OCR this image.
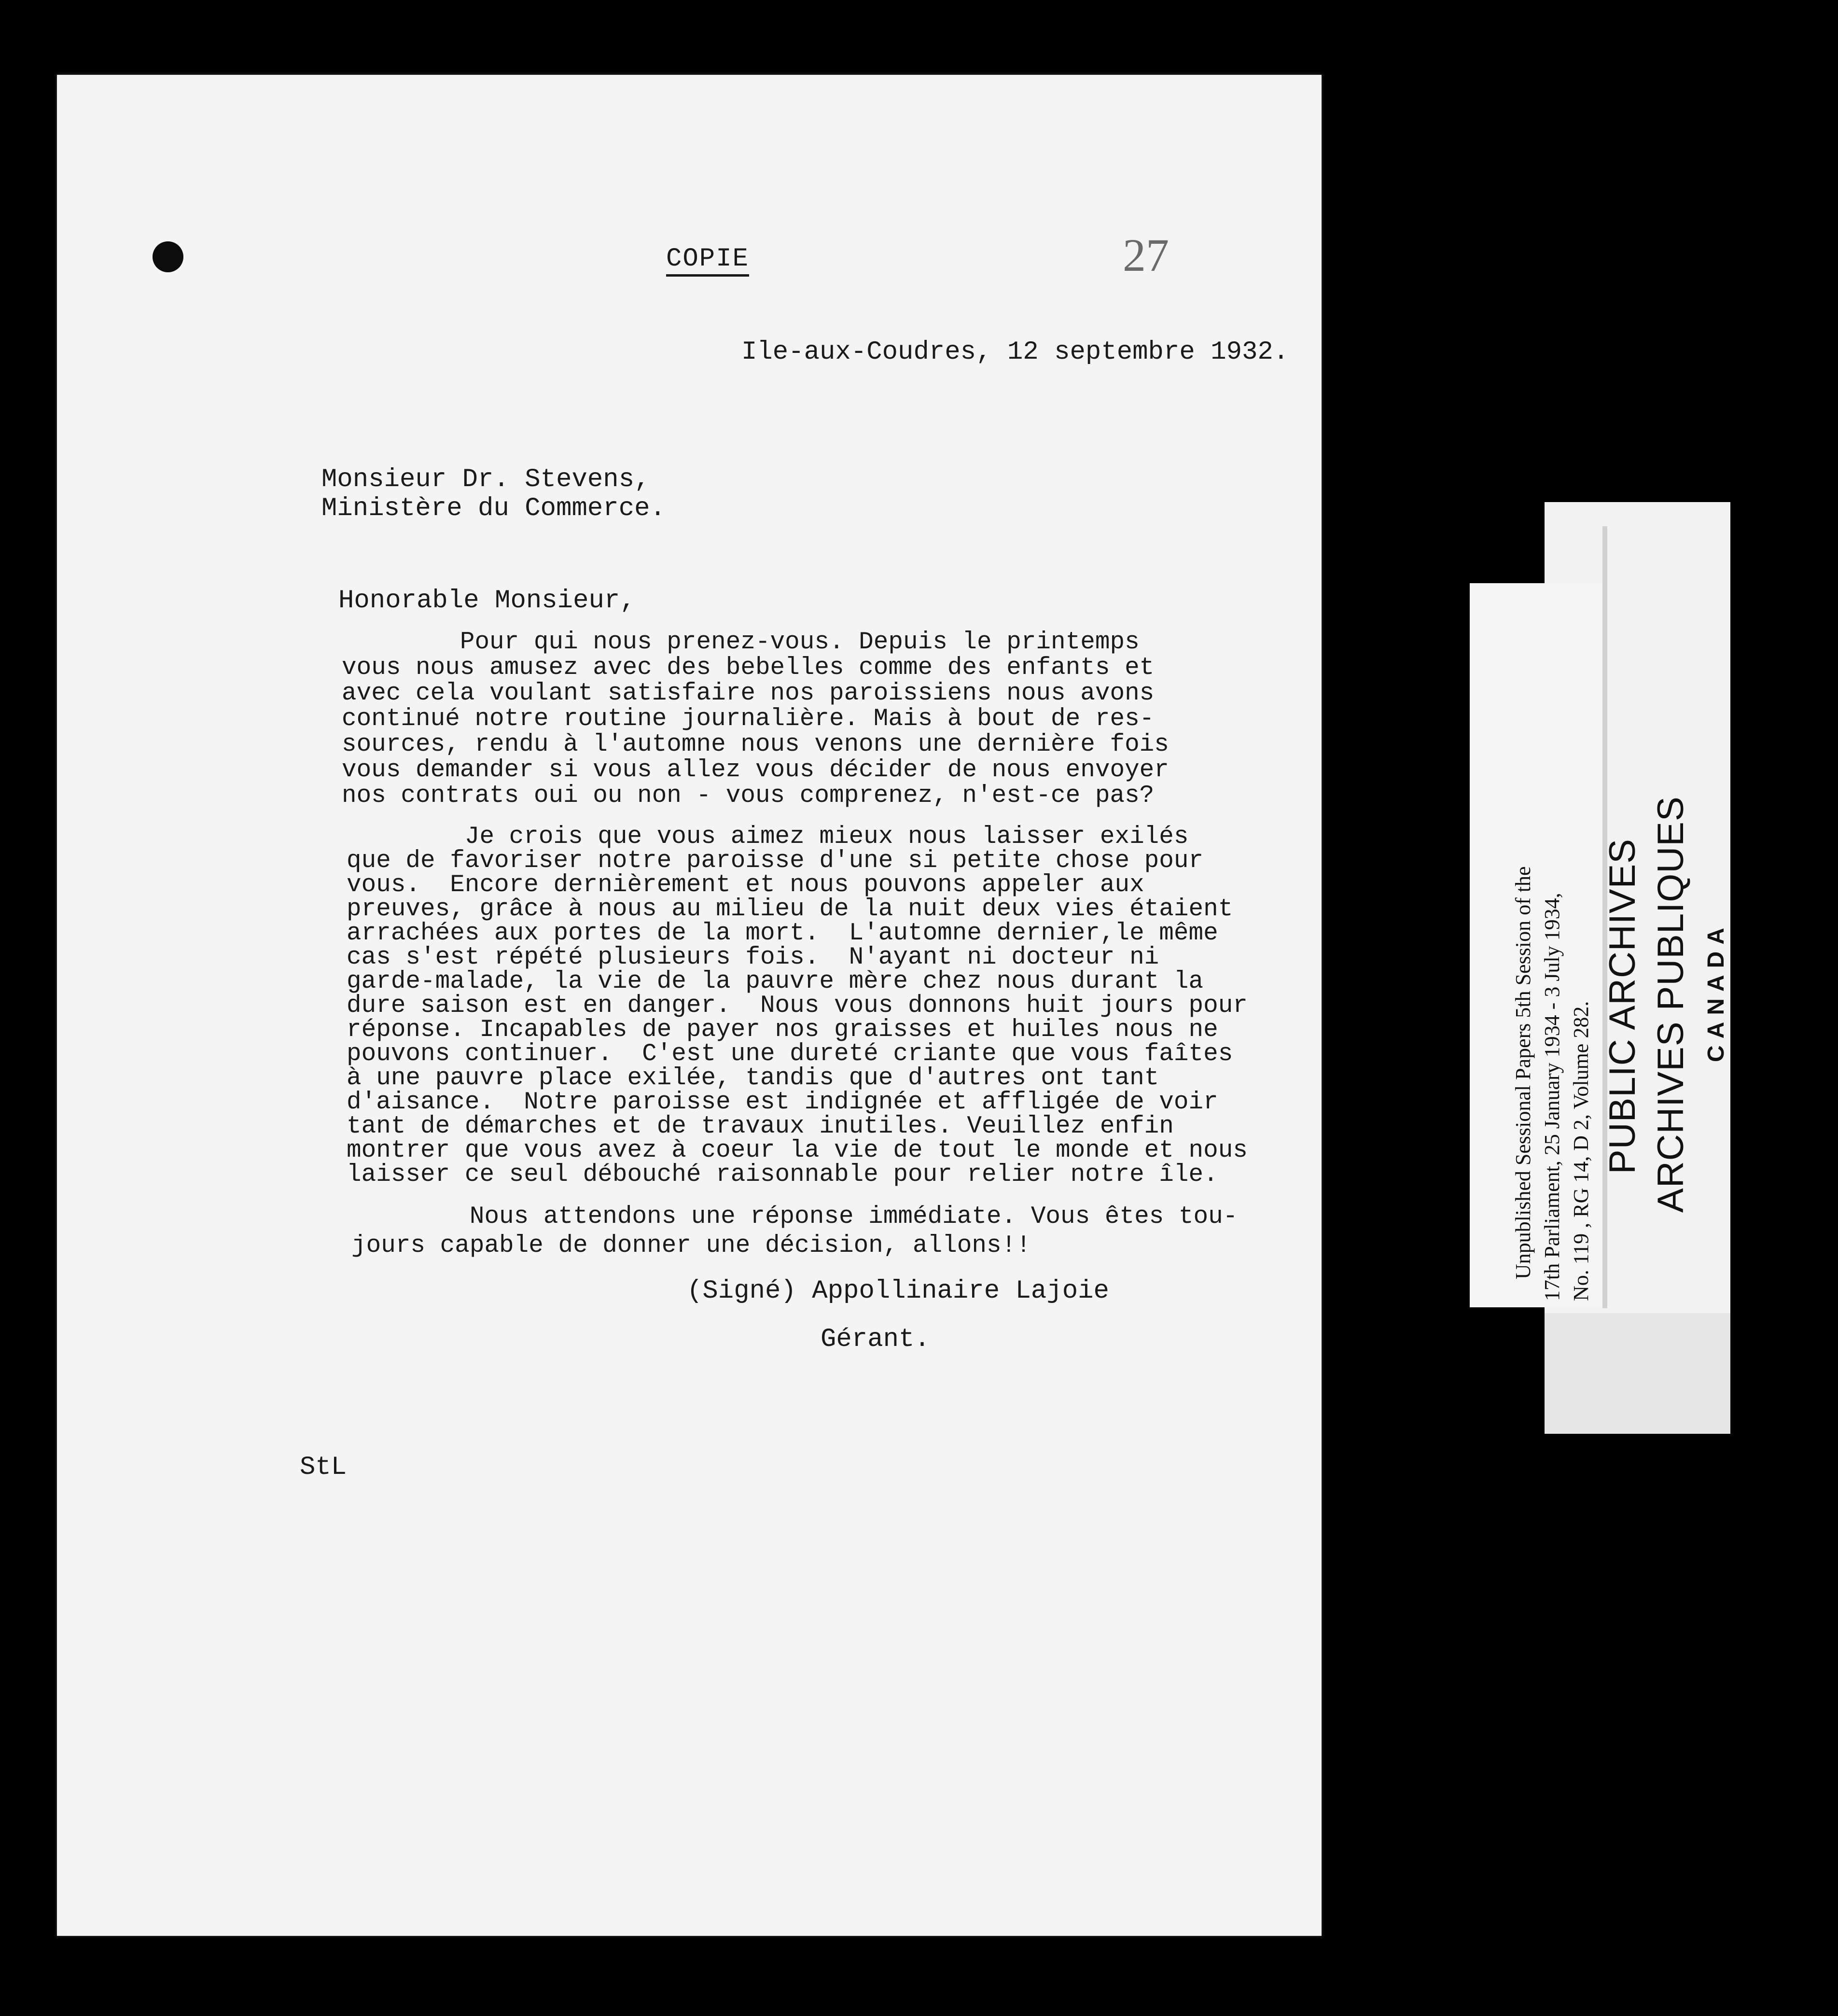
COPIE	27
Ile-aux-Coudres, 12 septembre 1932.
Monsieur Dr. Stevens,
Ministère du Commerce.
Honorable Monsieur,
Pour qui nous prenez-vous. Depuis le printemps
vous nous amusez avec des bebelles comme des enfants et
avec cela voulant satisfaire nos paroissiens nous avons
continué notre routine journalière. Mais à bout de res-
sources, rendu à l'automne nous venons une dernière fois
vous demander si vous allez vous décider de nous envoyer
nos contrats oui ou non - vous comprenez, n'est-ce pas?
Je crois que vous aimez mieux nous laisser exilés
que de favoriser notre paroisse d'une si petite chose pour
vous.  Encore dernièrement et nous pouvons appeler aux
preuves, grâce à nous au milieu de la nuit deux vies étaient
arrachées aux portes de la mort.  L'automne dernier,le même
cas s'est répété plusieurs fois.  N'ayant ni docteur ni
garde-malade, la vie de la pauvre mère chez nous durant la
dure saison est en danger.  Nous vous donnons huit jours pour
réponse. Incapables de payer nos graisses et huiles nous ne
pouvons continuer.  C'est une dureté criante que vous faîtes
à une pauvre place exilée, tandis que d'autres ont tant
d'aisance.  Notre paroisse est indignée et affligée de voir
tant de démarches et de travaux inutiles. Veuillez enfin
montrer que vous avez à coeur la vie de tout le monde et nous
laisser ce seul débouché raisonnable pour relier notre île.
Nous attendons une réponse immédiate. Vous êtes tou-
jours capable de donner une décision, allons!!
(Signé) Appollinaire Lajoie
Gérant.
StL
Unpublished Sessional Papers 5th Session of the 17th Parliament, 25 January 1934 - 3 July 1934, No. 119 , RG 14, D 2, Volume 282. PUBLIC ARCHIVES ARCHIVES PUBLIQUES CANADA
